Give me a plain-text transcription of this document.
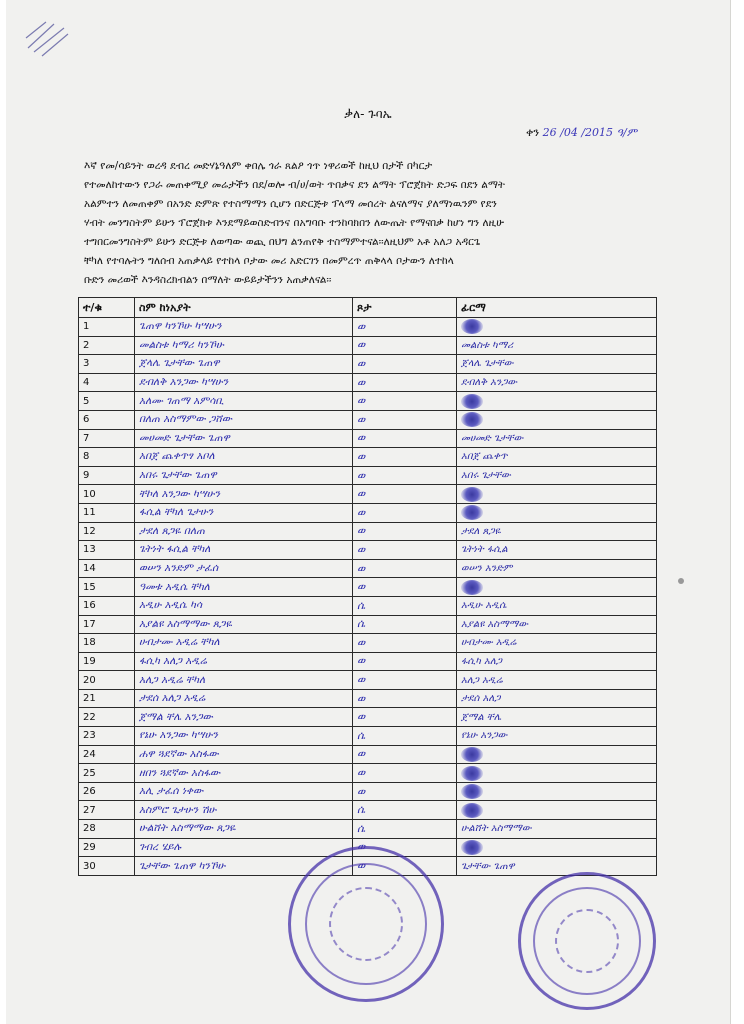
ቃለ- ጉባኤ
ቀን 26 /04 /2015 ዓ/ም
እኛ የመ/ሳይንት ወረዳ ደብረ መድሃኔዓለም ቀበሌ ጎራ ጸልዖ ጎጥ ነዋሪወች ከዚህ በታች በካርታ
የተመለከተውን የጋራ መጠቀሚያ መሬታችን በደ/ወሎ ብ/ሀ/ወት ጥበቃና ደን ልማት ፕሮጀክት ድጋፍ በደን ልማት
አልምተን ለመጠቀም በአንድ ድምጽ የተስማማን ሲሆን በድርጅቱ ፕላማ መሰረት ልናለማና ያለማነዉንም የደን
ሃብት መንግስትም ይሁን ፕሮጀክቱ እንደማይወስድብንና በአግባቡ ተንከባክበን ለውጤት የማናበቃ ከሆነ ግን ለዚሁ
ተግበርመንግስትም ይሁን ድርጅቱ ለወጣው ወጪ በህግ ልንጠየቅ ተስማምተናል፡፡ለዚህም አቶ አለጋ አዳርጌ
ቸካለ የተባሉትን ግለሰብ አጠቃላይ የተከላ ቦታው መሪ አድርገን በመምረጥ ጠቅላላ ቦታውን ለተከላ
ቡድን መሪወች እንዳስረክብልን በማለት ውይይታችንን አጠቃለናል፡፡
ተ/ቁ	ስም ከነአያት	ጾታ	ፊርማ
1	ጌጠዋ ካንኾሁ ካሣሁን	ወ	
2	መልስቱ ካማሪ ካንኾሁ	ወ	መልስቱ ካማሪ
3	ጀላሌ ጌታቸው ጌጠዋ	ወ	ጀላሌ ጌታቸው
4	ደብለቅ አንጋው ካሣሁን	ወ	ደብለቅ አንጋው
5	አለሙ ገጠማ አምሳቢ	ወ	
6	በለጠ አስማምው ጋሸው	ወ	
7	መሀመድ ጌታቸው ጌጠዋ	ወ	መሀመድ ጌታቸው
8	አበጀ ጨቀጥፃ አቦለ	ወ	አበጀ ጨቀጥ
9	አበሩ ጌታቸው ጌጠዋ	ወ	አበሩ ጌታቸው
10	ቸኮለ አንጋው ካሣሁን	ወ	
11	ፋሲል ቸካለ ጌታሁን	ወ	
12	ታደለ ጸጋዬ በለጠ	ወ	ታደለ ጸጋዬ
13	ጌትነት ፋሲል ቸካለ	ወ	ጌትነት ፋሲል
14	ወሠን አንድም ታፈሰ	ወ	ወሠን አንድም
15	ዓመቱ አዲሴ ቸካለ	ወ	
16	አዲሁ አዲሴ ካሳ	ሴ	አዲሁ አዲሴ
17	አያልዩ አስማማው ጸጋዬ	ሴ	አያልዩ አስማማው
18	ሀብታሙ አዲሬ ቸካለ	ወ	ሀብታሙ አዲሬ
19	ፋሲካ አለጋ አዲሬ	ወ	ፋሲካ አለጋ
20	አለጋ አዲሬ ቸካለ	ወ	አለጋ አዲሬ
21	ታደሰ አለጋ አዲሬ	ወ	ታደሰ አለጋ
22	ጀማል ቸሌ አንጋው	ወ	ጀማል ቸሌ
23	የኔሁ አንጋው ካሣሁን	ሴ	የኔሁ አንጋው
24	ሐዋ ጓደኛው አስፋው	ወ	
25	ዘበን ጓደኛው አስፋው	ወ	
26	አሊ ታፈሰ ነቀው	ወ	
27	አስምሮ ጌታሁን ሽሁ	ሴ	
28	ሁልሸት አስማማው ጸጋዬ	ሴ	ሁልሸት አስማማው
29	ገብረ ሄይሉ	ወ	
30	ጌታቸው ጌጠዋ ካንኾሁ	ወ	ጌታቸው ጌጠዋ
